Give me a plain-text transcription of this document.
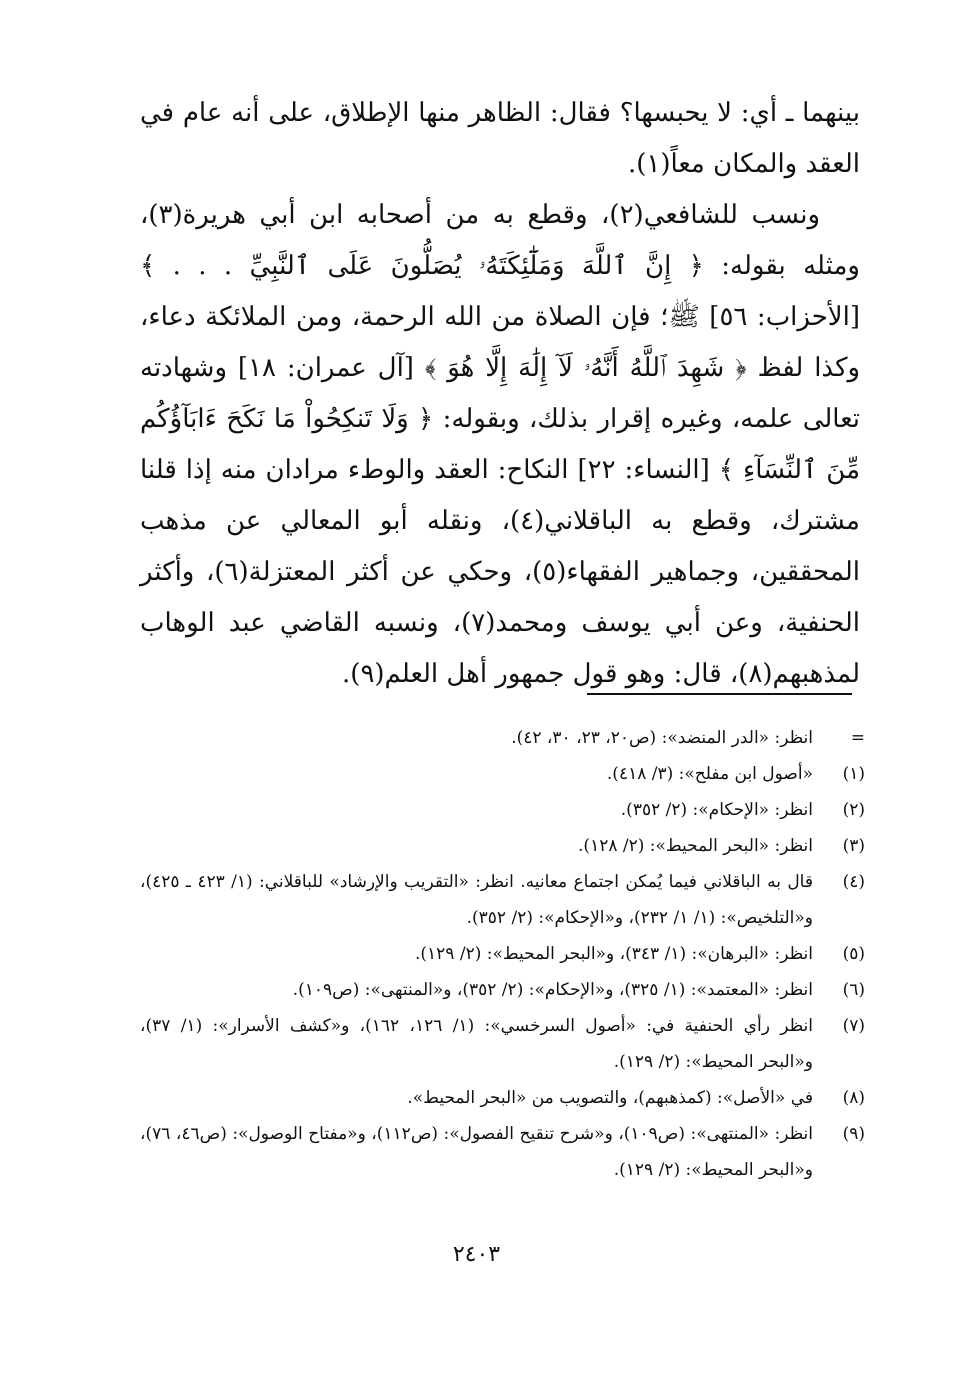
بينهما ـ أي: لا يحبسها؟ فقال: الظاهر منها الإطلاق، على أنه عام في العقد والمكان معاً(١).

ونسب للشافعي(٢)، وقطع به من أصحابه ابن أبي هريرة(٣)، ومثله بقوله: ﴿ إِنَّ ٱللَّهَ وَمَلَٰٓئِكَتَهُۥ يُصَلُّونَ عَلَى ٱلنَّبِيِّ . . . ﴾ [الأحزاب: ٥٦] ﷺ؛ فإن الصلاة من الله الرحمة، ومن الملائكة دعاء، وكذا لفظ ﴿ شَهِدَ ٱللَّهُ أَنَّهُۥ لَآ إِلَٰهَ إِلَّا هُوَ ﴾ [آل عمران: ١٨] وشهادته تعالى علمه، وغيره إقرار بذلك، وبقوله: ﴿ وَلَا تَنكِحُواْ مَا نَكَحَ ءَابَآؤُكُم مِّنَ ٱلنِّسَآءِ ﴾ [النساء: ٢٢] النكاح: العقد والوطء مرادان منه إذا قلنا مشترك، وقطع به الباقلاني(٤)، ونقله أبو المعالي عن مذهب المحققين، وجماهير الفقهاء(٥)، وحكي عن أكثر المعتزلة(٦)، وأكثر الحنفية، وعن أبي يوسف ومحمد(٧)، ونسبه القاضي عبد الوهاب لمذهبهم(٨)، قال: وهو قول جمهور أهل العلم(٩).

=
انظر: «الدر المنضد»: (ص٢٠، ٢٣، ٣٠، ٤٢).
(١)
«أصول ابن مفلح»: (٣/ ٤١٨).
(٢)
انظر: «الإحكام»: (٢/ ٣٥٢).
(٣)
انظر: «البحر المحيط»: (٢/ ١٢٨).
(٤)
قال به الباقلاني فيما يُمكن اجتماع معانيه. انظر: «التقريب والإرشاد» للباقلاني: (١/ ٤٢٣ ـ ٤٢٥)، و«التلخيص»: (١/ ١/ ٢٣٢)، و«الإحكام»: (٢/ ٣٥٢).
(٥)
انظر: «البرهان»: (١/ ٣٤٣)، و«البحر المحيط»: (٢/ ١٢٩).
(٦)
انظر: «المعتمد»: (١/ ٣٢٥)، و«الإحكام»: (٢/ ٣٥٢)، و«المنتهى»: (ص١٠٩).
(٧)
انظر رأي الحنفية في: «أصول السرخسي»: (١/ ١٢٦، ١٦٢)، و«كشف الأسرار»: (١/ ٣٧)، و«البحر المحيط»: (٢/ ١٢٩).
(٨)
في «الأصل»: (كمذهبهم)، والتصويب من «البحر المحيط».
(٩)
انظر: «المنتهى»: (ص١٠٩)، و«شرح تنقيح الفصول»: (ص١١٢)، و«مفتاح الوصول»: (ص٤٦، ٧٦)، و«البحر المحيط»: (٢/ ١٢٩).
٢٤٠٣
